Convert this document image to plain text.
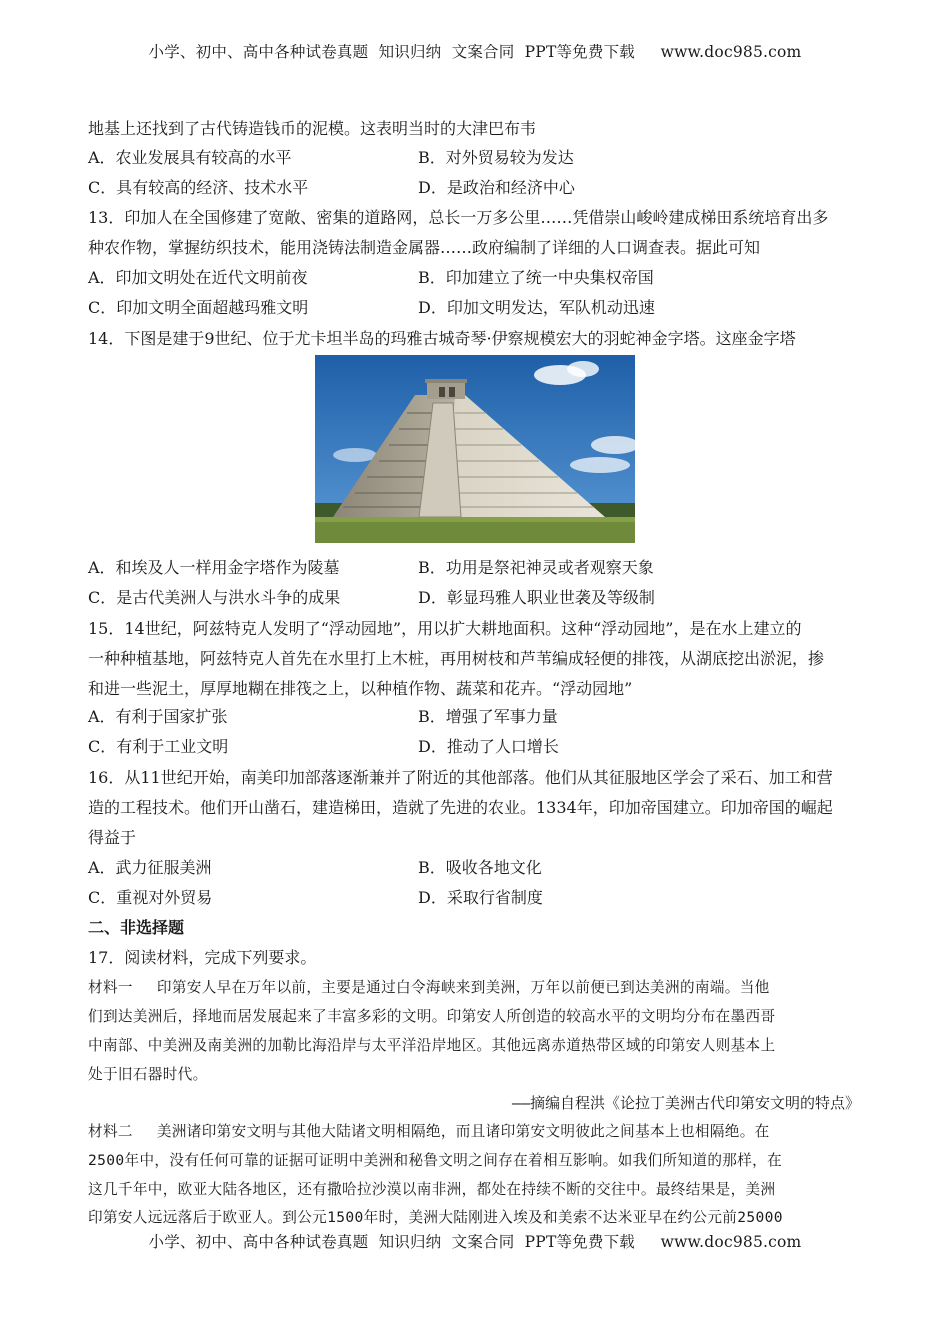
小学、初中、高中各种试卷真题  知识归纳  文案合同  PPT等免费下载     www.doc985.com
地基上还找到了古代铸造钱币的泥模。这表明当时的大津巴布韦
A．农业发展具有较高的水平	B．对外贸易较为发达
C．具有较高的经济、技术水平	D．是政治和经济中心
13．印加人在全国修建了宽敞、密集的道路网，总长一万多公里……凭借崇山峻岭建成梯田系统培育出多
种农作物，掌握纺织技术，能用浇铸法制造金属器……政府编制了详细的人口调查表。据此可知
A．印加文明处在近代文明前夜	B．印加建立了统一中央集权帝国
C．印加文明全面超越玛雅文明	D．印加文明发达，军队机动迅速
14．下图是建于9世纪、位于尤卡坦半岛的玛雅古城奇琴·伊察规模宏大的羽蛇神金字塔。这座金字塔
A．和埃及人一样用金字塔作为陵墓	B．功用是祭祀神灵或者观察天象
C．是古代美洲人与洪水斗争的成果	D．彰显玛雅人职业世袭及等级制
15．14世纪，阿兹特克人发明了“浮动园地”，用以扩大耕地面积。这种“浮动园地”，是在水上建立的
一种种植基地，阿兹特克人首先在水里打上木桩，再用树枝和芦苇编成轻便的排筏，从湖底挖出淤泥，掺
和进一些泥土，厚厚地糊在排筏之上，以种植作物、蔬菜和花卉。“浮动园地”
A．有利于国家扩张	B．增强了军事力量
C．有利于工业文明	D．推动了人口增长
16．从11世纪开始，南美印加部落逐渐兼并了附近的其他部落。他们从其征服地区学会了采石、加工和营
造的工程技术。他们开山凿石，建造梯田，造就了先进的农业。1334年，印加帝国建立。印加帝国的崛起
得益于
A．武力征服美洲	B．吸收各地文化
C．重视对外贸易	D．采取行省制度
二、非选择题
17．阅读材料，完成下列要求。
材料一　 印第安人早在万年以前，主要是通过白令海峡来到美洲，万年以前便已到达美洲的南端。当他
们到达美洲后，择地而居发展起来了丰富多彩的文明。印第安人所创造的较高水平的文明均分布在墨西哥
中南部、中美洲及南美洲的加勒比海沿岸与太平洋沿岸地区。其他远离赤道热带区域的印第安人则基本上
处于旧石器时代。
——摘编自程洪《论拉丁美洲古代印第安文明的特点》
材料二　 美洲诸印第安文明与其他大陆诸文明相隔绝，而且诸印第安文明彼此之间基本上也相隔绝。在
2500年中，没有任何可靠的证据可证明中美洲和秘鲁文明之间存在着相互影响。如我们所知道的那样，在
这几千年中，欧亚大陆各地区，还有撒哈拉沙漠以南非洲，都处在持续不断的交往中。最终结果是，美洲
印第安人远远落后于欧亚人。到公元1500年时，美洲大陆刚进入埃及和美索不达米亚早在约公元前25000
小学、初中、高中各种试卷真题  知识归纳  文案合同  PPT等免费下载     www.doc985.com
